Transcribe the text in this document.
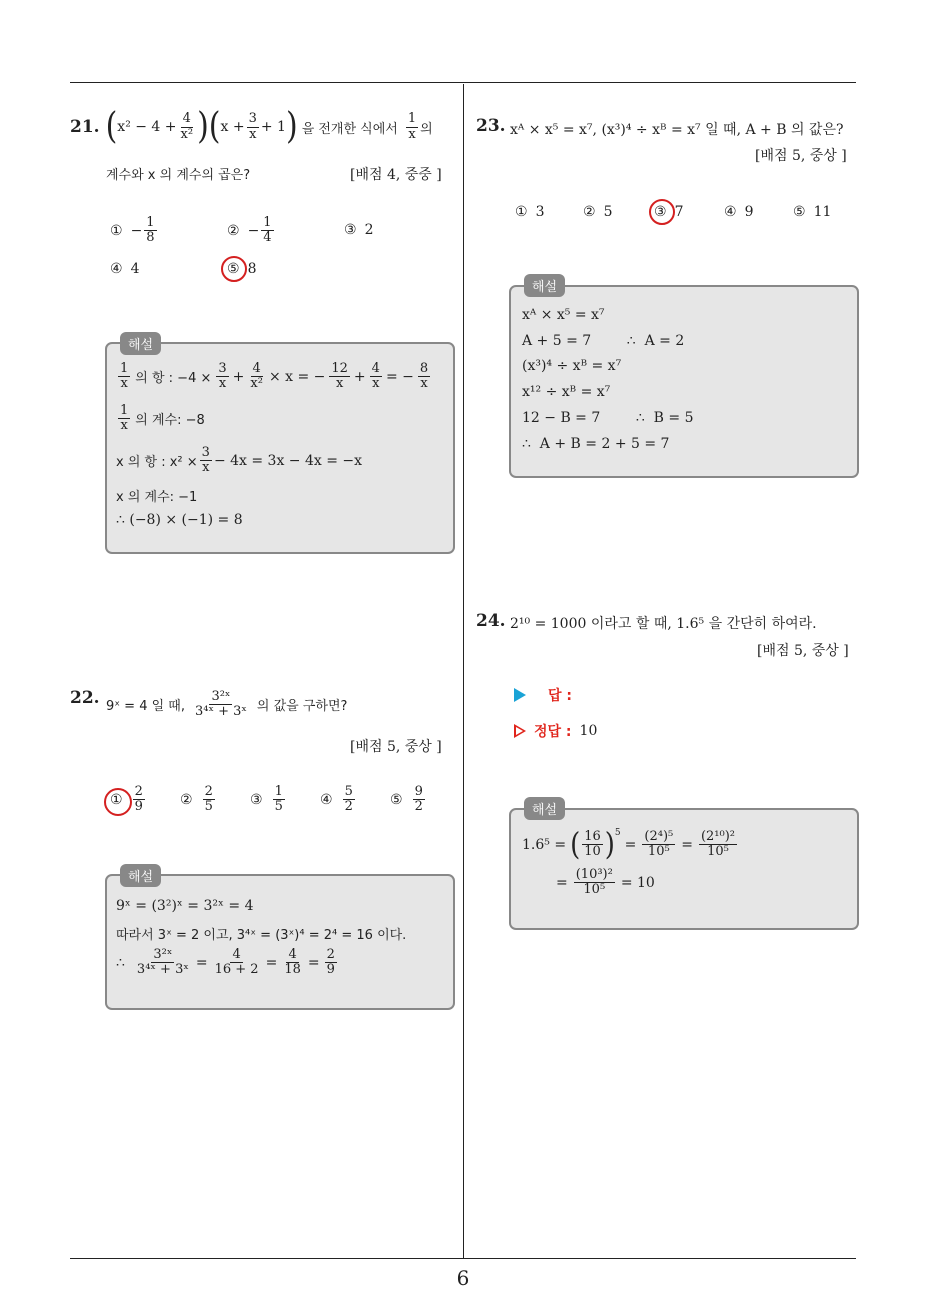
6
21. ( $x^2 - 4 + \frac{4}{\text{x²}}$ ) ( $x + \frac{3}{x} + 1$ ) 을 전개한 식에서 $\frac{1}{x}$ 의
계수와 x 의 계수의 곱은?	[배점 4, 중중 ]
① − $\frac{1}{8}$	② − $\frac{1}{4}$	③ 2
④ 4	⑤ 8
해설
$\frac{1}{x}$ 의 항 : $-4 \times \frac{3}{x} + \frac{4}{\text{x²}} \times x$ = − $\frac{12}{x} + \frac{4}{x}$ = − $\frac{8}{x}$
$\frac{1}{x}$ 의 계수: −8
x 의 항 : $x^2 \times \frac{3}{x} - 4x = 3x - 4x = -x$
x 의 계수: −1
∴ (−8) × (−1) = 8
22. 9ˣ = 4 일 때, $\frac{\text{3²ˣ}}{\text{3⁴ˣ + 3ˣ}}$ 의 값을 구하면?
[배점 5, 중상 ]
① $\frac{2}{9}$	② $\frac{2}{5}$	③ $\frac{1}{5}$	④ $\frac{5}{2}$	⑤ $\frac{9}{2}$
해설
9ˣ = (3²)ˣ = 3²ˣ = 4
따라서 3ˣ = 2 이고, 3⁴ˣ = (3ˣ)⁴ = 2⁴ = 16 이다.
∴ $\frac{\text{3²ˣ}}{\text{3⁴ˣ + 3ˣ}} = \frac{4}{16 + 2} = \frac{4}{18} = \frac{2}{9}$
23. xᴬ × x⁵ = x⁷, (x³)⁴ ÷ xᴮ = x⁷ 일 때, A + B 의 값은?
[배점 5, 중상 ]
① 3	② 5	③ 7	④ 9	⑤ 11
해설
xᴬ × x⁵ = x⁷
A + 5 = 7        ∴  A = 2
(x³)⁴ ÷ xᴮ = x⁷
x¹² ÷ xᴮ = x⁷
12 − B = 7        ∴  B = 5
∴  A + B = 2 + 5 = 7
24. 2¹⁰ = 1000 이라고 할 때, 1.6⁵ 을 간단히 하여라.
[배점 5, 중상 ]
답 :
정답 : 10
해설
1.6⁵ = ( $\frac{16}{10} )^5$
= $\frac{\text{(2⁴)⁵}}{\text{10⁵}} = \frac{\text{(2¹⁰)²}}{\text{10⁵}}$
= $\frac{\text{(10³)²}}{\text{10⁵}} = 10$
